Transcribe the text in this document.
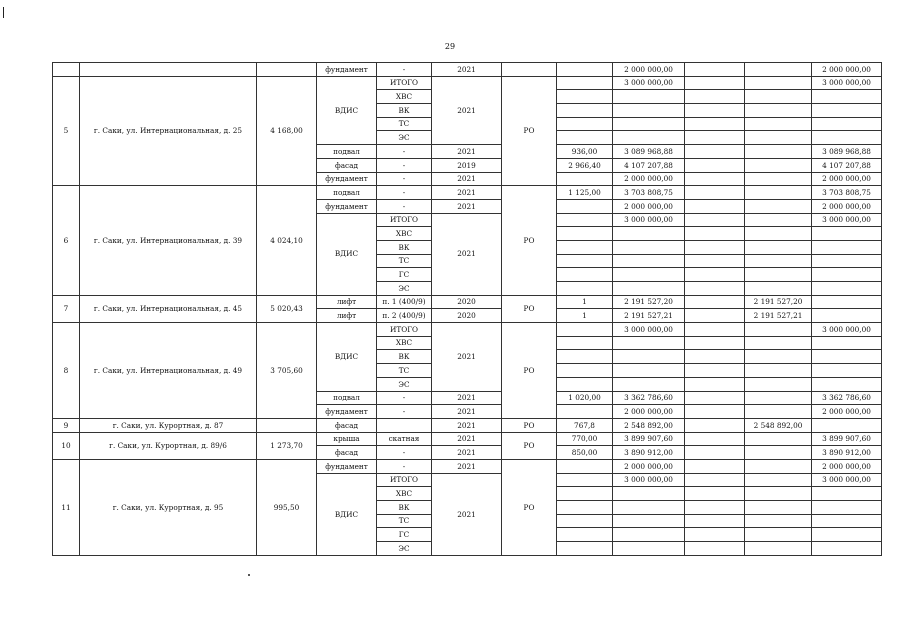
29
			фундамент	-	2021			2 000 000,00			2 000 000,00
5	г. Саки, ул. Интернациональная, д. 25	4 168,00	ВДИС	ИТОГО	2021	РО		3 000 000,00			3 000 000,00
				ХВС							
				ВК							
				ТС							
				ЭС							
			подвал	-	2021		936,00	3 089 968,88			3 089 968,88
			фасад	-	2019		2 966,40	4 107 207,88			4 107 207,88
			фундамент	-	2021			2 000 000,00			2 000 000,00
6	г. Саки, ул. Интернациональная, д. 39	4 024,10	подвал	-	2021	РО	1 125,00	3 703 808,75			3 703 808,75
			фундамент	-	2021			2 000 000,00			2 000 000,00
			ВДИС	ИТОГО	2021			3 000 000,00			3 000 000,00
				ХВС							
				ВК							
				ТС							
				ГС							
				ЭС							
7	г. Саки, ул. Интернациональная, д. 45	5 020,43	лифт	п. 1 (400/9)	2020	РО	1	2 191 527,20		2 191 527,20	
			лифт	п. 2 (400/9)	2020		1	2 191 527,21		2 191 527,21	
8	г. Саки, ул. Интернациональная, д. 49	3 705,60	ВДИС	ИТОГО	2021	РО		3 000 000,00			3 000 000,00
				ХВС							
				ВК							
				ТС							
				ЭС							
			подвал	-	2021		1 020,00	3 362 786,60			3 362 786,60
			фундамент	-	2021			2 000 000,00			2 000 000,00
9	г. Саки, ул. Курортная, д. 87		фасад		2021	РО	767,8	2 548 892,00		2 548 892,00	
10	г. Саки, ул. Курортная, д. 89/6	1 273,70	крыша	скатная	2021	РО	770,00	3 899 907,60			3 899 907,60
			фасад	-	2021		850,00	3 890 912,00			3 890 912,00
11	г. Саки, ул. Курортная, д. 95	995,50	фундамент	-	2021	РО		2 000 000,00			2 000 000,00
			ВДИС	ИТОГО	2021			3 000 000,00			3 000 000,00
				ХВС							
				ВК							
				ТС							
				ГС							
				ЭС							
